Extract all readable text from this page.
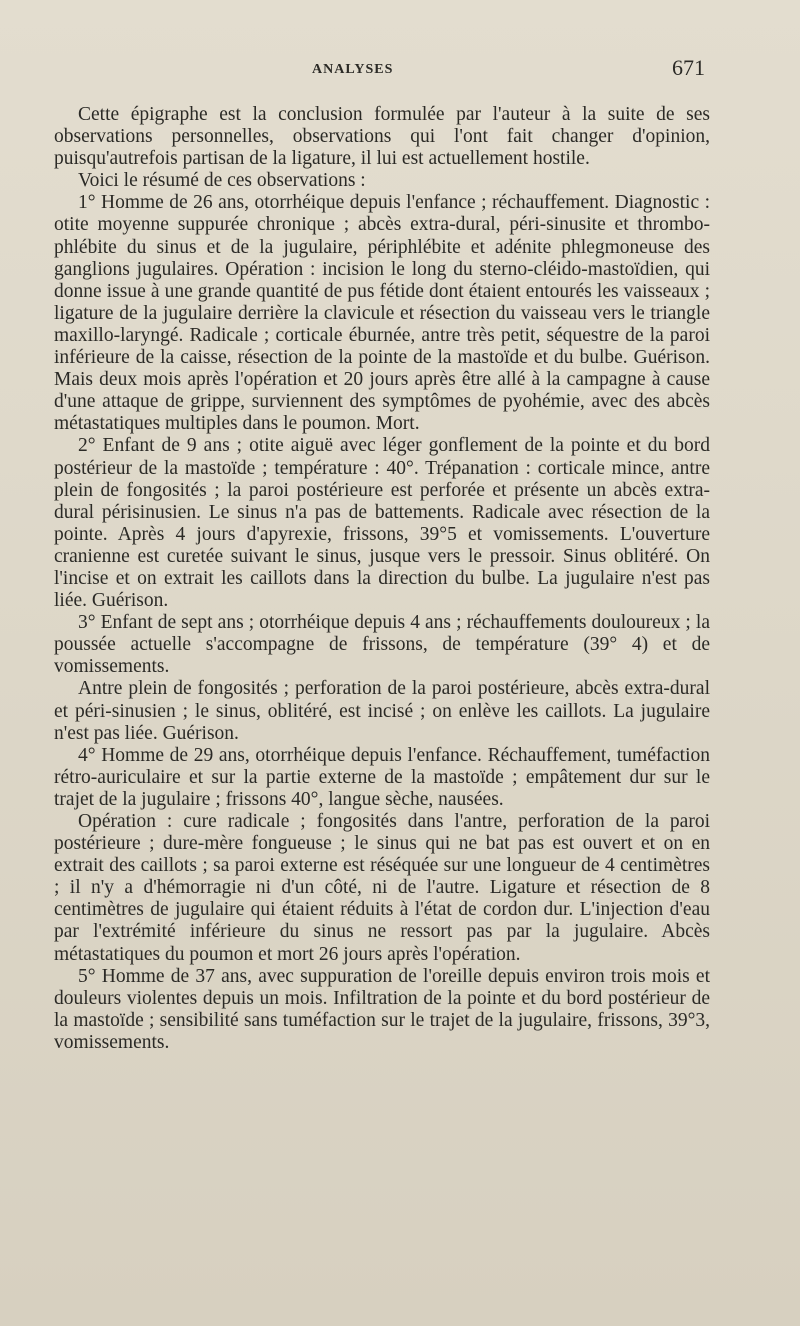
ANALYSES	671

Cette épigraphe est la conclusion formulée par l'auteur à la suite de ses observations personnelles, observations qui l'ont fait changer d'opinion, puisqu'autrefois partisan de la ligature, il lui est actuellement hostile.

Voici le résumé de ces observations :

1° Homme de 26 ans, otorrhéique depuis l'enfance ; réchauffement. Diagnostic : otite moyenne suppurée chronique ; abcès extra-dural, péri-sinusite et thrombo-phlébite du sinus et de la jugulaire, périphlébite et adénite phlegmoneuse des ganglions jugulaires. Opération : incision le long du sterno-cléido-mastoïdien, qui donne issue à une grande quantité de pus fétide dont étaient entourés les vaisseaux ; ligature de la jugulaire derrière la clavicule et résection du vaisseau vers le triangle maxillo-laryngé. Radicale ; corticale éburnée, antre très petit, séquestre de la paroi inférieure de la caisse, résection de la pointe de la mastoïde et du bulbe. Guérison. Mais deux mois après l'opération et 20 jours après être allé à la campagne à cause d'une attaque de grippe, surviennent des symptômes de pyohémie, avec des abcès métastatiques multiples dans le poumon. Mort.

2° Enfant de 9 ans ; otite aiguë avec léger gonflement de la pointe et du bord postérieur de la mastoïde ; température : 40°. Trépanation : corticale mince, antre plein de fongosités ; la paroi postérieure est perforée et présente un abcès extra-dural périsinusien. Le sinus n'a pas de battements. Radicale avec résection de la pointe. Après 4 jours d'apyrexie, frissons, 39°5 et vomissements. L'ouverture cranienne est curetée suivant le sinus, jusque vers le pressoir. Sinus oblitéré. On l'incise et on extrait les caillots dans la direction du bulbe. La jugulaire n'est pas liée. Guérison.

3° Enfant de sept ans ; otorrhéique depuis 4 ans ; réchauffements douloureux ; la poussée actuelle s'accompagne de frissons, de température (39° 4) et de vomissements.

Antre plein de fongosités ; perforation de la paroi postérieure, abcès extra-dural et péri-sinusien ; le sinus, oblitéré, est incisé ; on enlève les caillots. La jugulaire n'est pas liée. Guérison.

4° Homme de 29 ans, otorrhéique depuis l'enfance. Réchauffement, tuméfaction rétro-auriculaire et sur la partie externe de la mastoïde ; empâtement dur sur le trajet de la jugulaire ; frissons 40°, langue sèche, nausées.

Opération : cure radicale ; fongosités dans l'antre, perforation de la paroi postérieure ; dure-mère fongueuse ; le sinus qui ne bat pas est ouvert et on en extrait des caillots ; sa paroi externe est réséquée sur une longueur de 4 centimètres ; il n'y a d'hémorragie ni d'un côté, ni de l'autre. Ligature et résection de 8 centimètres de jugulaire qui étaient réduits à l'état de cordon dur. L'injection d'eau par l'extrémité inférieure du sinus ne ressort pas par la jugulaire. Abcès métastatiques du poumon et mort 26 jours après l'opération.

5° Homme de 37 ans, avec suppuration de l'oreille depuis environ trois mois et douleurs violentes depuis un mois. Infiltration de la pointe et du bord postérieur de la mastoïde ; sensibilité sans tuméfaction sur le trajet de la jugulaire, frissons, 39°3, vomissements.
